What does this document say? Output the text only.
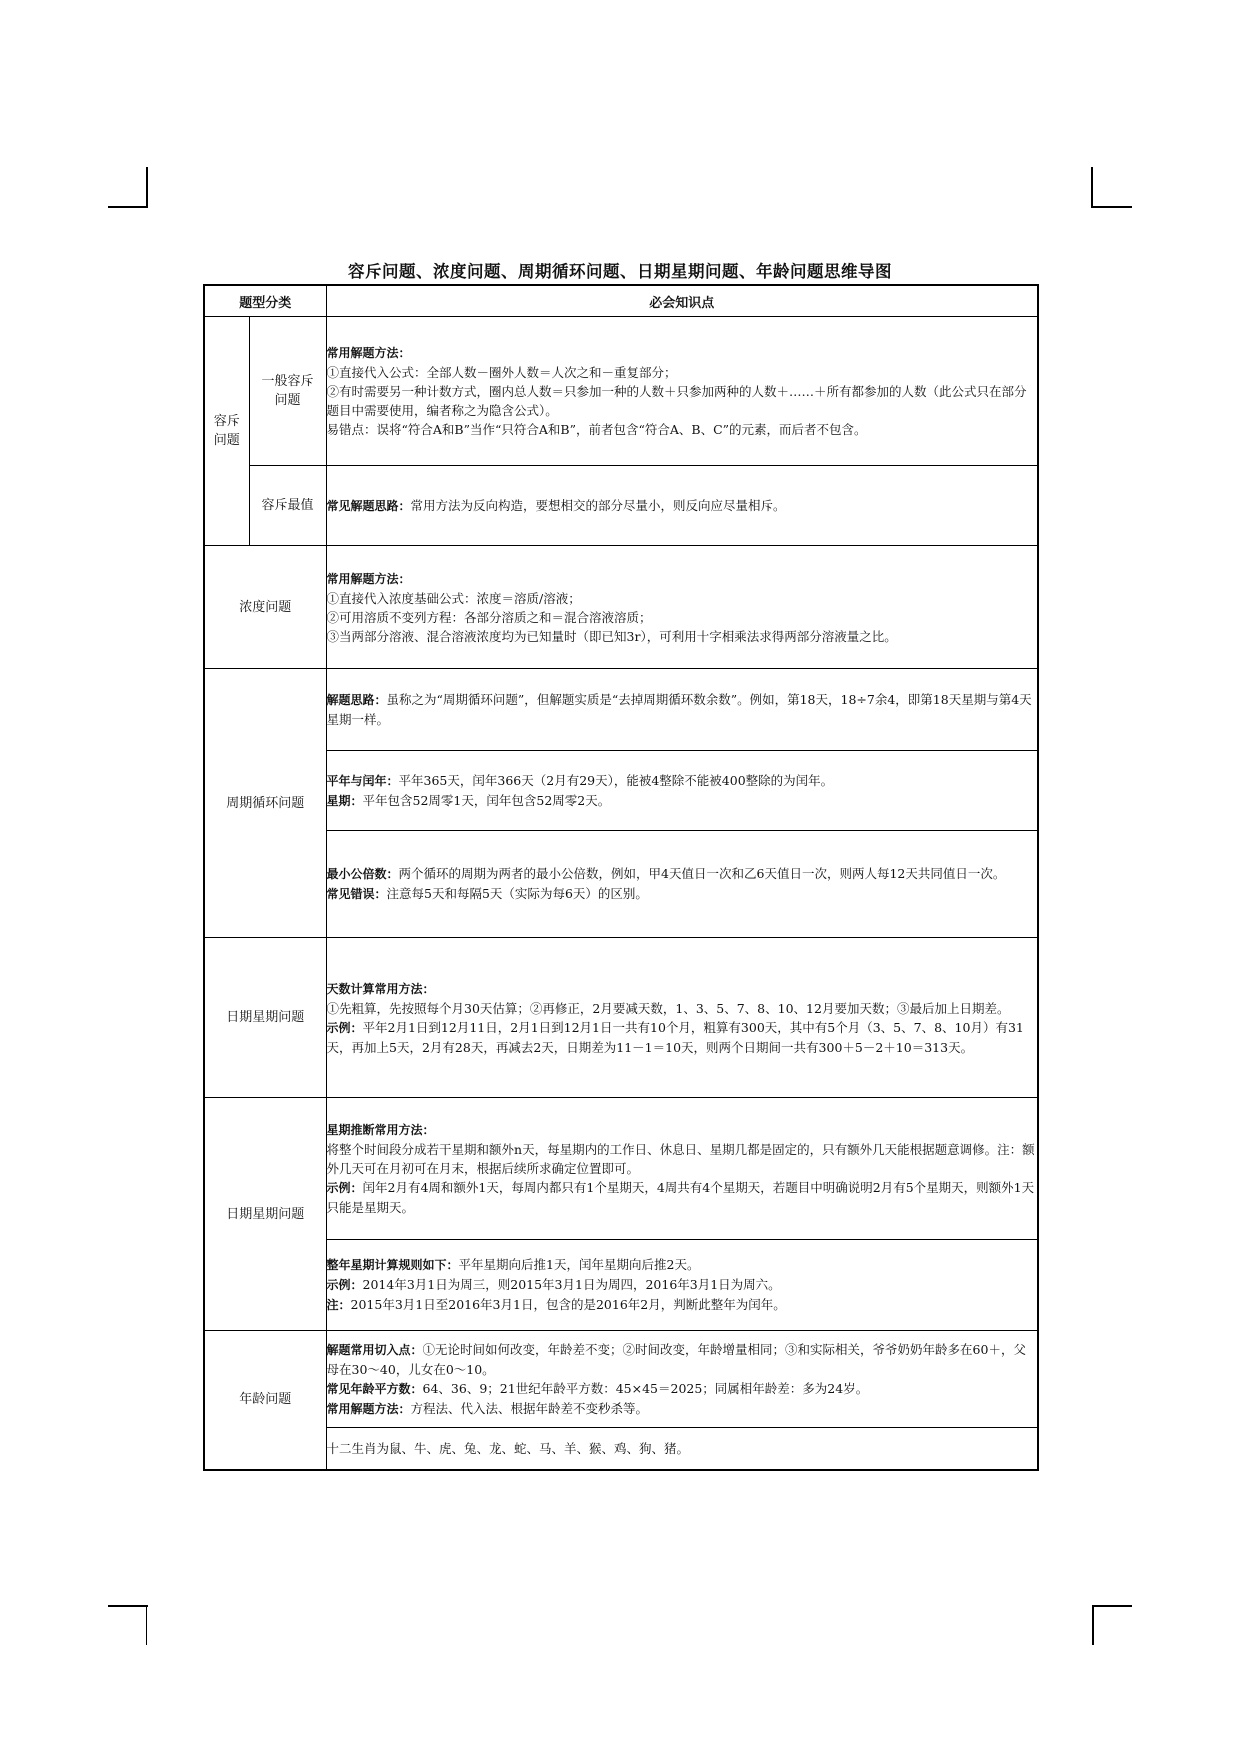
容斥问题、浓度问题、周期循环问题、日期星期问题、年龄问题思维导图
题型分类		必会知识点
容斥问题	一般容斥问题	常用解题方法：

①直接代入公式：全部人数－圈外人数＝人次之和－重复部分；

②有时需要另一种计数方式，圈内总人数＝只参加一种的人数＋只参加两种的人数＋……＋所有都参加的人数（此公式只在部分题目中需要使用，编者称之为隐含公式）。

易错点：误将“符合A和B”当作“只符合A和B”，前者包含“符合A、B、C”的元素，而后者不包含。

	容斥最值	常见解题思路：常用方法为反向构造，要想相交的部分尽量小，则反向应尽量相斥。

浓度问题		常用解题方法：

①直接代入浓度基础公式：浓度＝溶质/溶液；

②可用溶质不变列方程：各部分溶质之和＝混合溶液溶质；

③当两部分溶液、混合溶液浓度均为已知量时（即已知3r），可利用十字相乘法求得两部分溶液量之比。

周期循环问题		解题思路：虽称之为“周期循环问题”，但解题实质是“去掉周期循环数余数”。例如，第18天，18÷7余4，即第18天星期与第4天星期一样。

		平年与闰年：平年365天，闰年366天（2月有29天），能被4整除不能被400整除的为闰年。

星期：平年包含52周零1天，闰年包含52周零2天。

		最小公倍数：两个循环的周期为两者的最小公倍数，例如，甲4天值日一次和乙6天值日一次，则两人每12天共同值日一次。

常见错误：注意每5天和每隔5天（实际为每6天）的区别。

日期星期问题		天数计算常用方法：

①先粗算，先按照每个月30天估算；②再修正，2月要减天数，1、3、5、7、8、10、12月要加天数；③最后加上日期差。

示例：平年2月1日到12月11日，2月1日到12月1日一共有10个月，粗算有300天，其中有5个月（3、5、7、8、10月）有31天，再加上5天，2月有28天，再减去2天，日期差为11－1＝10天，则两个日期间一共有300＋5－2＋10＝313天。

日期星期问题		星期推断常用方法：

将整个时间段分成若干星期和额外n天，每星期内的工作日、休息日、星期几都是固定的，只有额外几天能根据题意调修。注：额外几天可在月初可在月末，根据后续所求确定位置即可。

示例：闰年2月有4周和额外1天，每周内都只有1个星期天，4周共有4个星期天，若题目中明确说明2月有5个星期天，则额外1天只能是星期天。

		整年星期计算规则如下：平年星期向后推1天，闰年星期向后推2天。

示例：2014年3月1日为周三，则2015年3月1日为周四，2016年3月1日为周六。

注：2015年3月1日至2016年3月1日，包含的是2016年2月，判断此整年为闰年。

年龄问题		解题常用切入点：①无论时间如何改变，年龄差不变；②时间改变，年龄增量相同；③和实际相关，爷爷奶奶年龄多在60＋，父母在30～40，儿女在0～10。

常见年龄平方数：64、36、9；21世纪年龄平方数：45×45＝2025；同属相年龄差：多为24岁。

常用解题方法：方程法、代入法、根据年龄差不变秒杀等。

		十二生肖为鼠、牛、虎、兔、龙、蛇、马、羊、猴、鸡、狗、猪。
